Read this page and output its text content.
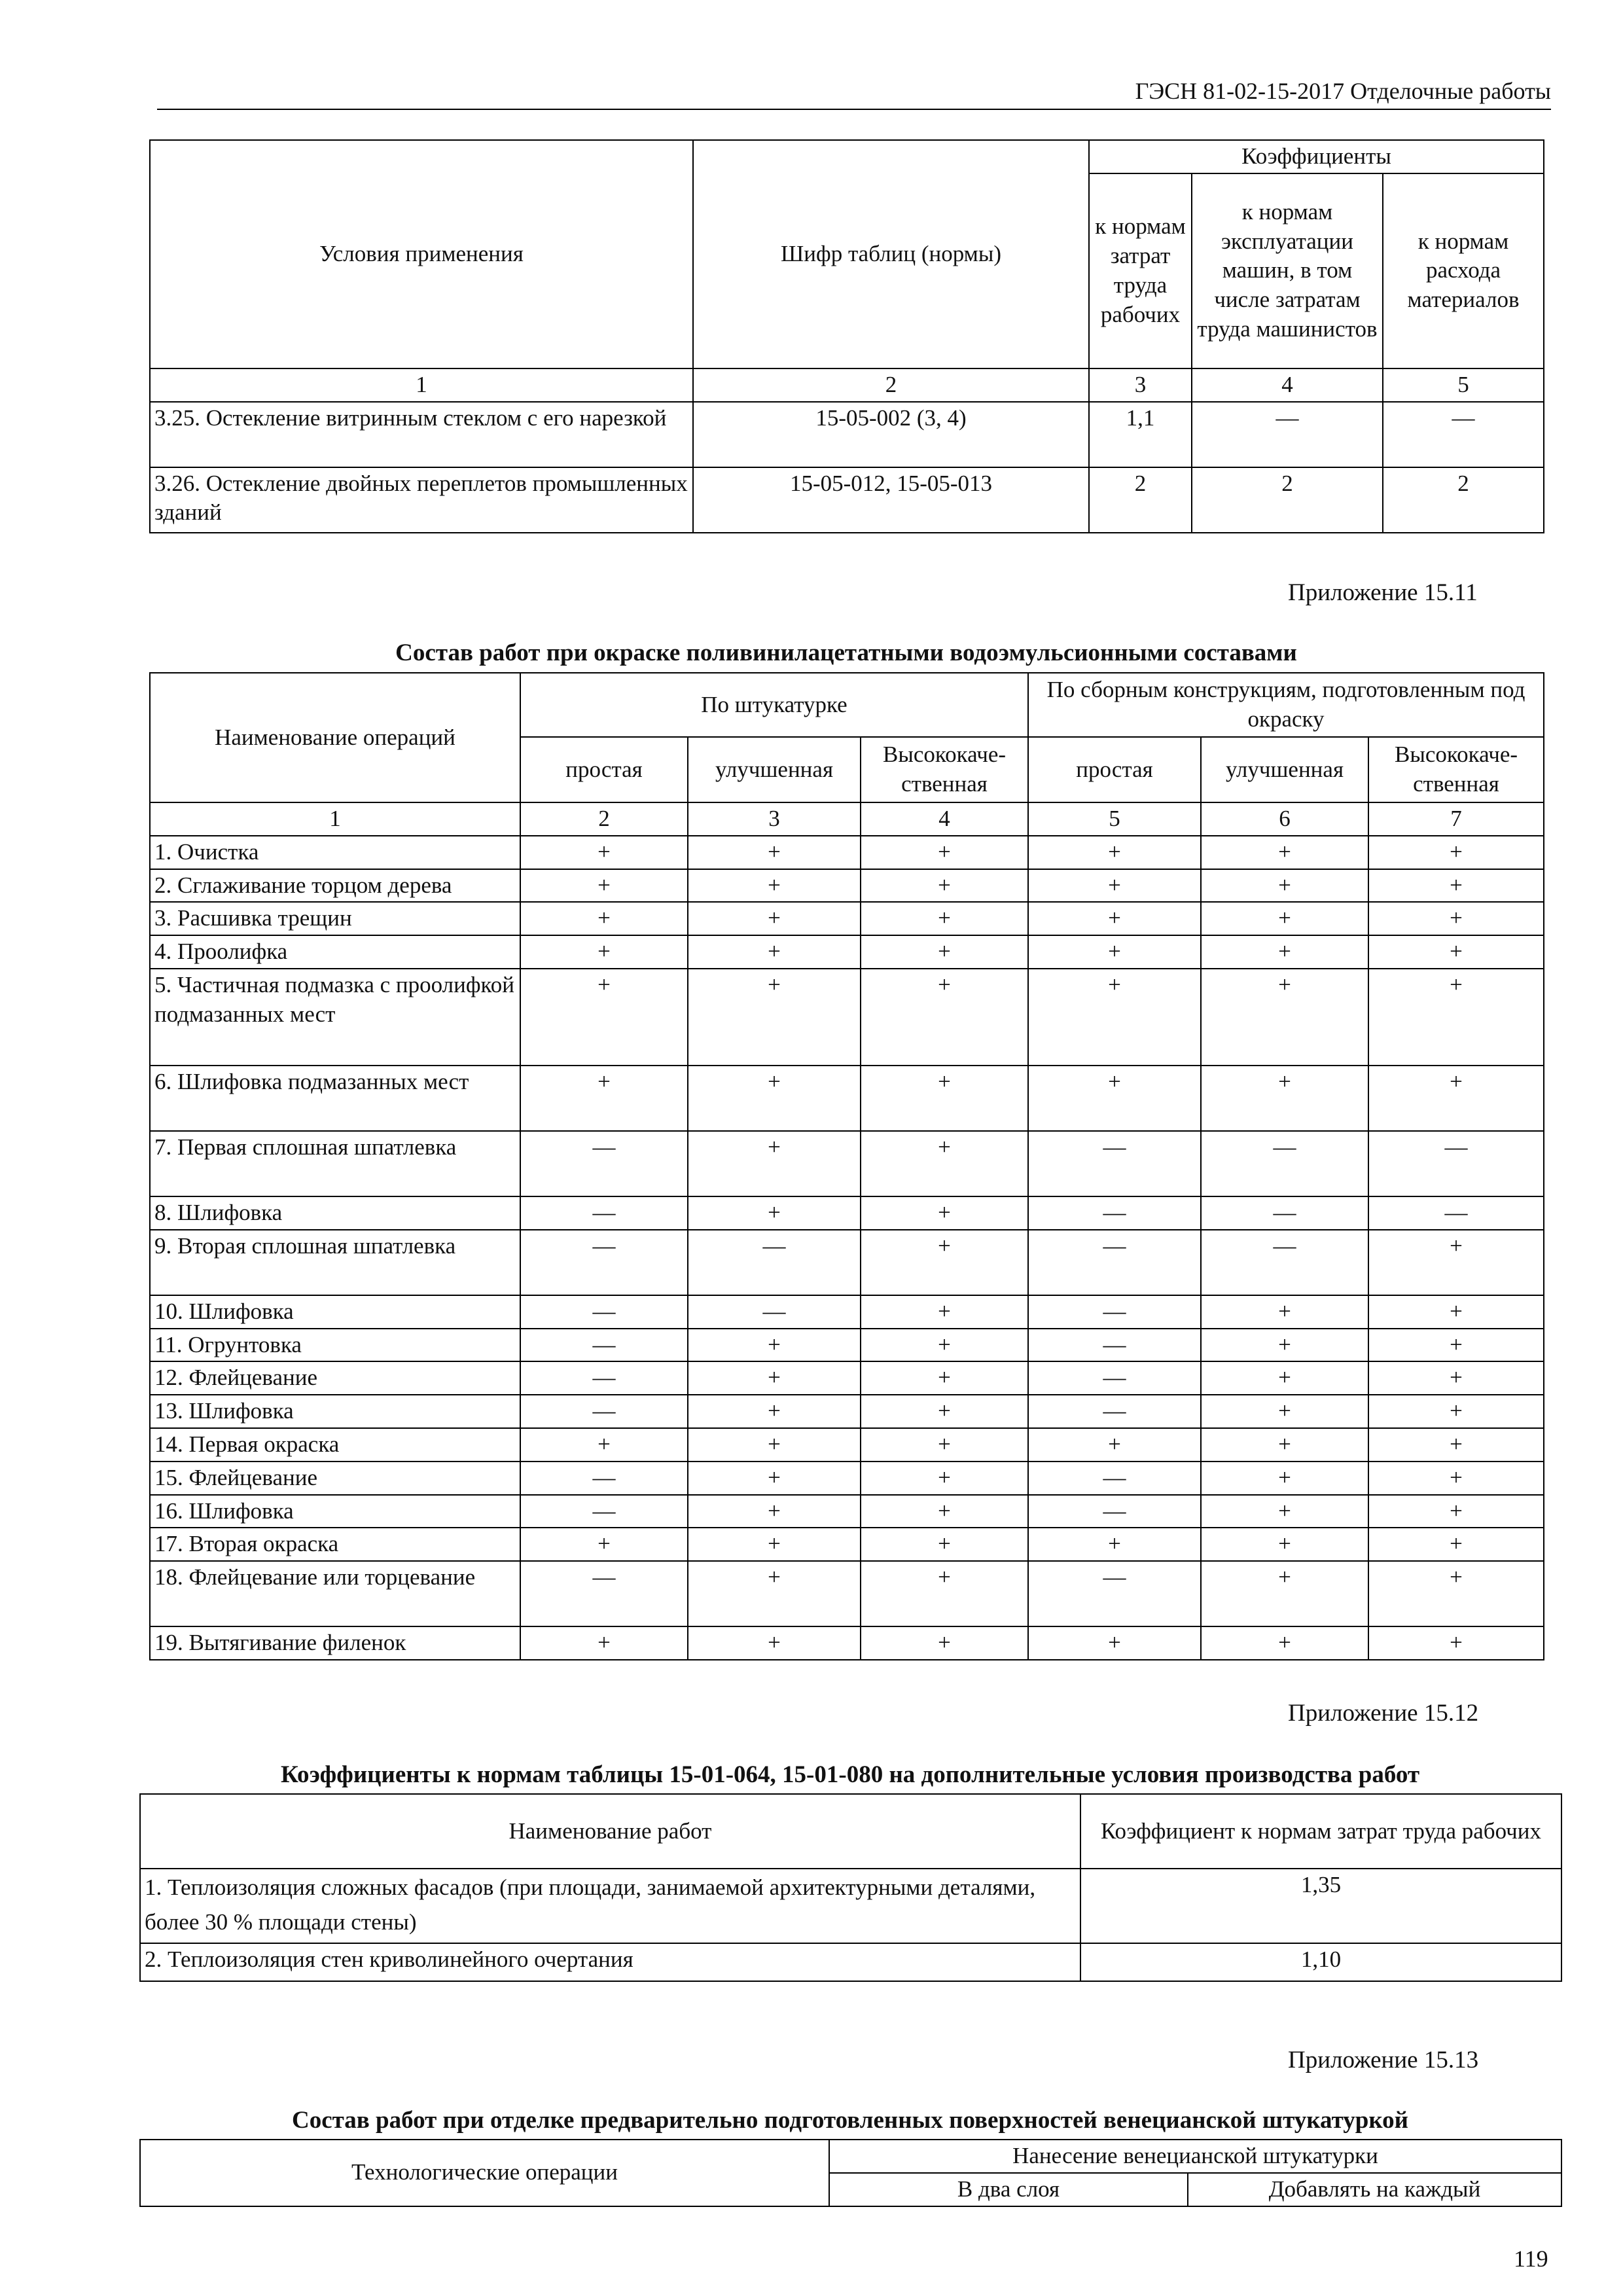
ГЭСН 81-02-15-2017 Отделочные работы
Условия применения	Шифр таблиц (нормы)	Коэффициенты		
		к нормам затрат труда рабочих	к нормам эксплуатации машин, в том числе затратам труда машинистов	к нормам расхода материалов
1	2	3	4	5
3.25. Остекление витринным стеклом с его нарезкой	15-05-002 (3, 4)	1,1	—	—
3.26. Остекление двойных переплетов промышленных зданий	15-05-012, 15-05-013	2	2	2
Приложение 15.11
Состав работ при окраске поливинилацетатными водоэмульсионными составами
Наименование операций	По штукатурке			По сборным конструкциям, подготовленным под окраску		
	простая	улучшенная	Высококаче-ственная	простая	улучшенная	Высококаче-ственная
1	2	3	4	5	6	7
1. Очистка	+	+	+	+	+	+
2. Сглаживание торцом дерева	+	+	+	+	+	+
3. Расшивка трещин	+	+	+	+	+	+
4. Проолифка	+	+	+	+	+	+
5. Частичная подмазка с проолифкой подмазанных мест	+	+	+	+	+	+
6. Шлифовка подмазанных мест	+	+	+	+	+	+
7. Первая сплошная шпатлевка	—	+	+	—	—	—
8. Шлифовка	—	+	+	—	—	—
9. Вторая сплошная шпатлевка	—	—	+	—	—	+
10. Шлифовка	—	—	+	—	+	+
11. Огрунтовка	—	+	+	—	+	+
12. Флейцевание	—	+	+	—	+	+
13. Шлифовка	—	+	+	—	+	+
14. Первая окраска	+	+	+	+	+	+
15. Флейцевание	—	+	+	—	+	+
16. Шлифовка	—	+	+	—	+	+
17. Вторая окраска	+	+	+	+	+	+
18. Флейцевание или торцевание	—	+	+	—	+	+
19. Вытягивание филенок	+	+	+	+	+	+
Приложение 15.12
Коэффициенты к нормам таблицы 15-01-064, 15-01-080 на дополнительные условия производства работ
Наименование работ	Коэффициент к нормам затрат труда рабочих
1. Теплоизоляция сложных фасадов (при площади, занимаемой архитектурными деталями, более 30 % площади стены)	1,35
2. Теплоизоляция стен криволинейного очертания	1,10
Приложение 15.13
Состав работ при отделке предварительно подготовленных поверхностей венецианской штукатуркой
Технологические операции	Нанесение венецианской штукатурки	
	В два слоя	Добавлять на каждый
119
